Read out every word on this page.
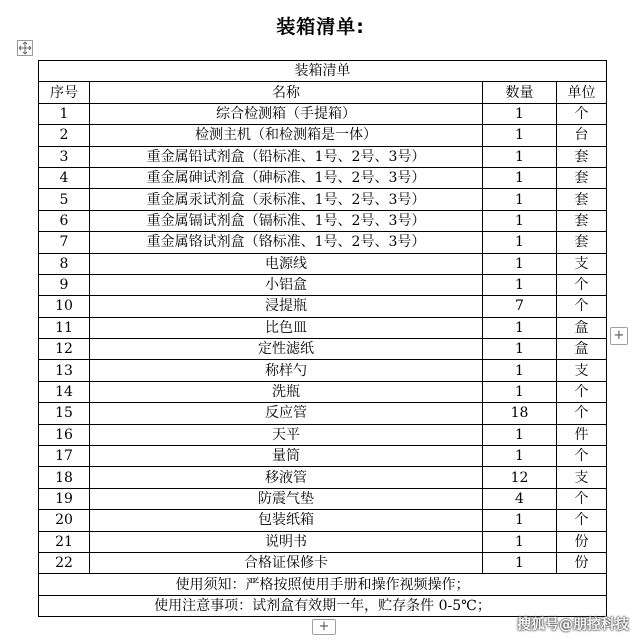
装箱清单:
装箱清单			
序号	名称	数量	单位
1	综合检测箱（手提箱）	1	个
2	检测主机（和检测箱是一体）	1	台
3	重金属铅试剂盒（铅标准、1号、2号、3号）	1	套
4	重金属砷试剂盒（砷标准、1号、2号、3号）	1	套
5	重金属汞试剂盒（汞标准、1号、2号、3号）	1	套
6	重金属镉试剂盒（镉标准、1号、2号、3号）	1	套
7	重金属铬试剂盒（铬标准、1号、2号、3号）	1	套
8	电源线	1	支
9	小铝盒	1	个
10	浸提瓶	7	个
11	比色皿	1	盒
12	定性滤纸	1	盒
13	称样勺	1	支
14	洗瓶	1	个
15	反应管	18	个
16	天平	1	件
17	量筒	1	个
18	移液管	12	支
19	防震气垫	4	个
20	包装纸箱	1	个
21	说明书	1	份
22	合格证保修卡	1	份
使用须知：严格按照使用手册和操作视频操作；			
使用注意事项：试剂盒有效期一年，贮存条件 0-5℃；			
+
+	搜狐号@朋控科技
